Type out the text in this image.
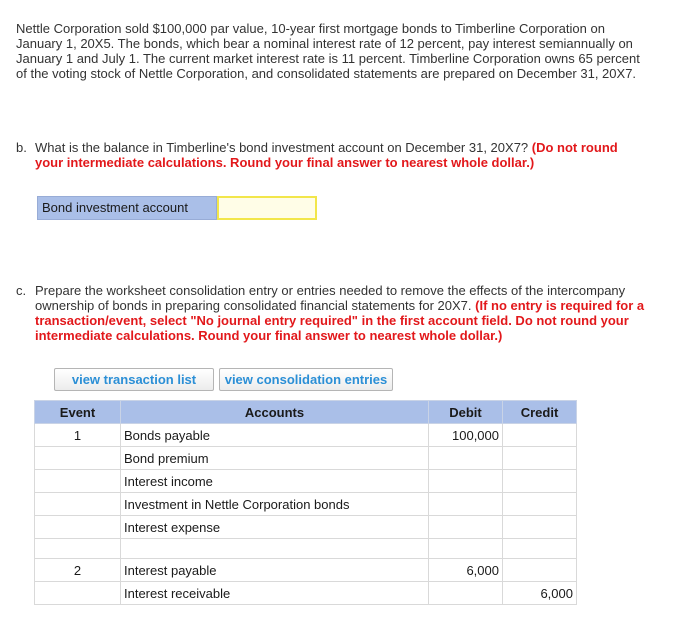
Nettle Corporation sold $100,000 par value, 10-year first mortgage bonds to Timberline Corporation on January 1, 20X5. The bonds, which bear a nominal interest rate of 12 percent, pay interest semiannually on January 1 and July 1. The current market interest rate is 11 percent. Timberline Corporation owns 65 percent of the voting stock of Nettle Corporation, and consolidated statements are prepared on December 31, 20X7.

b. What is the balance in Timberline's bond investment account on December 31, 20X7? (Do not round your intermediate calculations. Round your final answer to nearest whole dollar.)
Bond investment account
c. Prepare the worksheet consolidation entry or entries needed to remove the effects of the intercompany ownership of bonds in preparing consolidated financial statements for 20X7. (If no entry is required for a transaction/event, select "No journal entry required" in the first account field. Do not round your intermediate calculations. Round your final answer to nearest whole dollar.)
view transaction list	view consolidation entries
Event	Accounts	Debit	Credit
1	Bonds payable	100,000	
	Bond premium		
	Interest income		
	Investment in Nettle Corporation bonds		
	Interest expense		

2	Interest payable	6,000	
	Interest receivable		6,000
